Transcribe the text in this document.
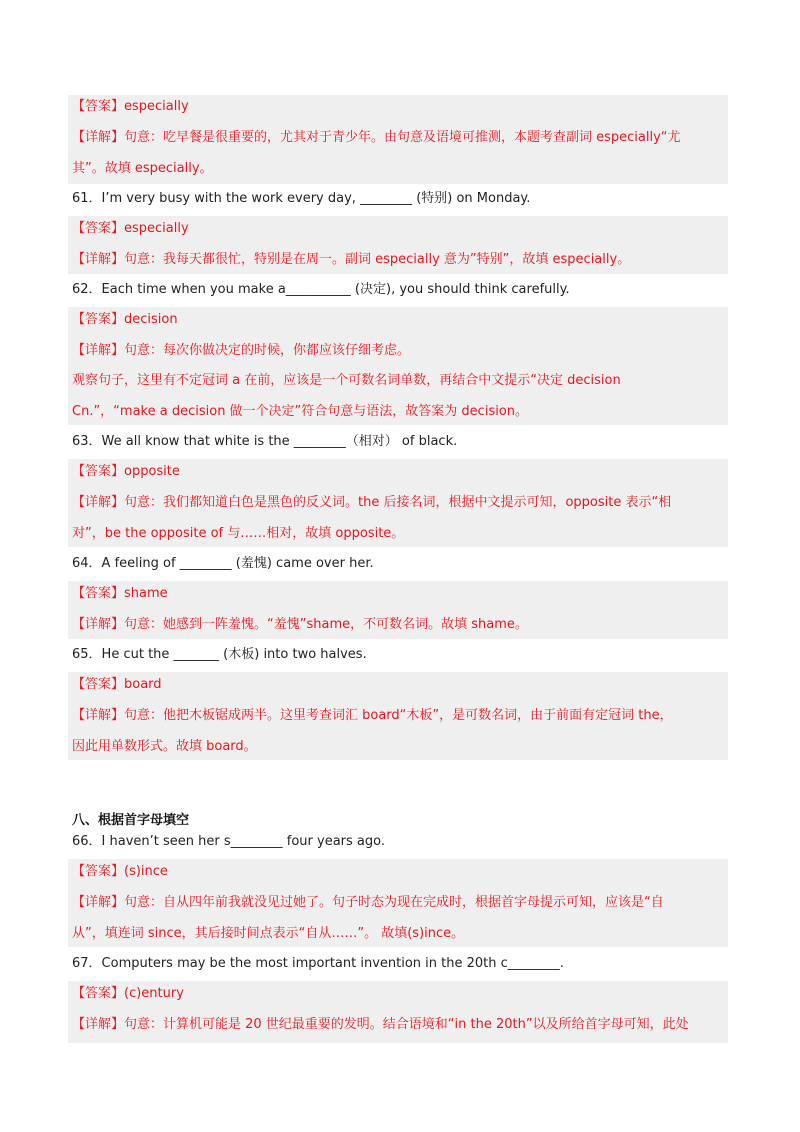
【答案】especially
【详解】句意：吃早餐是很重要的，尤其对于青少年。由句意及语境可推测，本题考查副词 especially“尤
其”。故填 especially。
61．I’m very busy with the work every day, ________ (特别) on Monday.
【答案】especially
【详解】句意：我每天都很忙，特别是在周一。副词 especially 意为”特别”，故填 especially。
62．Each time when you make a__________ (决定), you should think carefully.
【答案】decision
【详解】句意：每次你做决定的时候，你都应该仔细考虑。
观察句子，这里有不定冠词 a 在前，应该是一个可数名词单数，再结合中文提示“决定 decision
Cn.”，“make a decision 做一个决定”符合句意与语法，故答案为 decision。
63．We all know that white is the ________（相对） of black.
【答案】opposite
【详解】句意：我们都知道白色是黑色的反义词。the 后接名词，根据中文提示可知，opposite 表示“相
对”，be the opposite of 与……相对，故填 opposite。
64．A feeling of ________ (羞愧) came over her.
【答案】shame
【详解】句意：她感到一阵羞愧。“羞愧”shame，不可数名词。故填 shame。
65．He cut the _______ (木板) into two halves.
【答案】board
【详解】句意：他把木板锯成两半。这里考查词汇 board“木板”，是可数名词，由于前面有定冠词 the，
因此用单数形式。故填 board。
八、根据首字母填空
66．I haven’t seen her s________ four years ago.
【答案】(s)ince
【详解】句意：自从四年前我就没见过她了。句子时态为现在完成时，根据首字母提示可知，应该是“自
从”，填连词 since，其后接时间点表示“自从……”。 故填(s)ince。
67．Computers may be the most important invention in the 20th c________.
【答案】(c)entury
【详解】句意：计算机可能是 20 世纪最重要的发明。结合语境和“in the 20th”以及所给首字母可知，此处
